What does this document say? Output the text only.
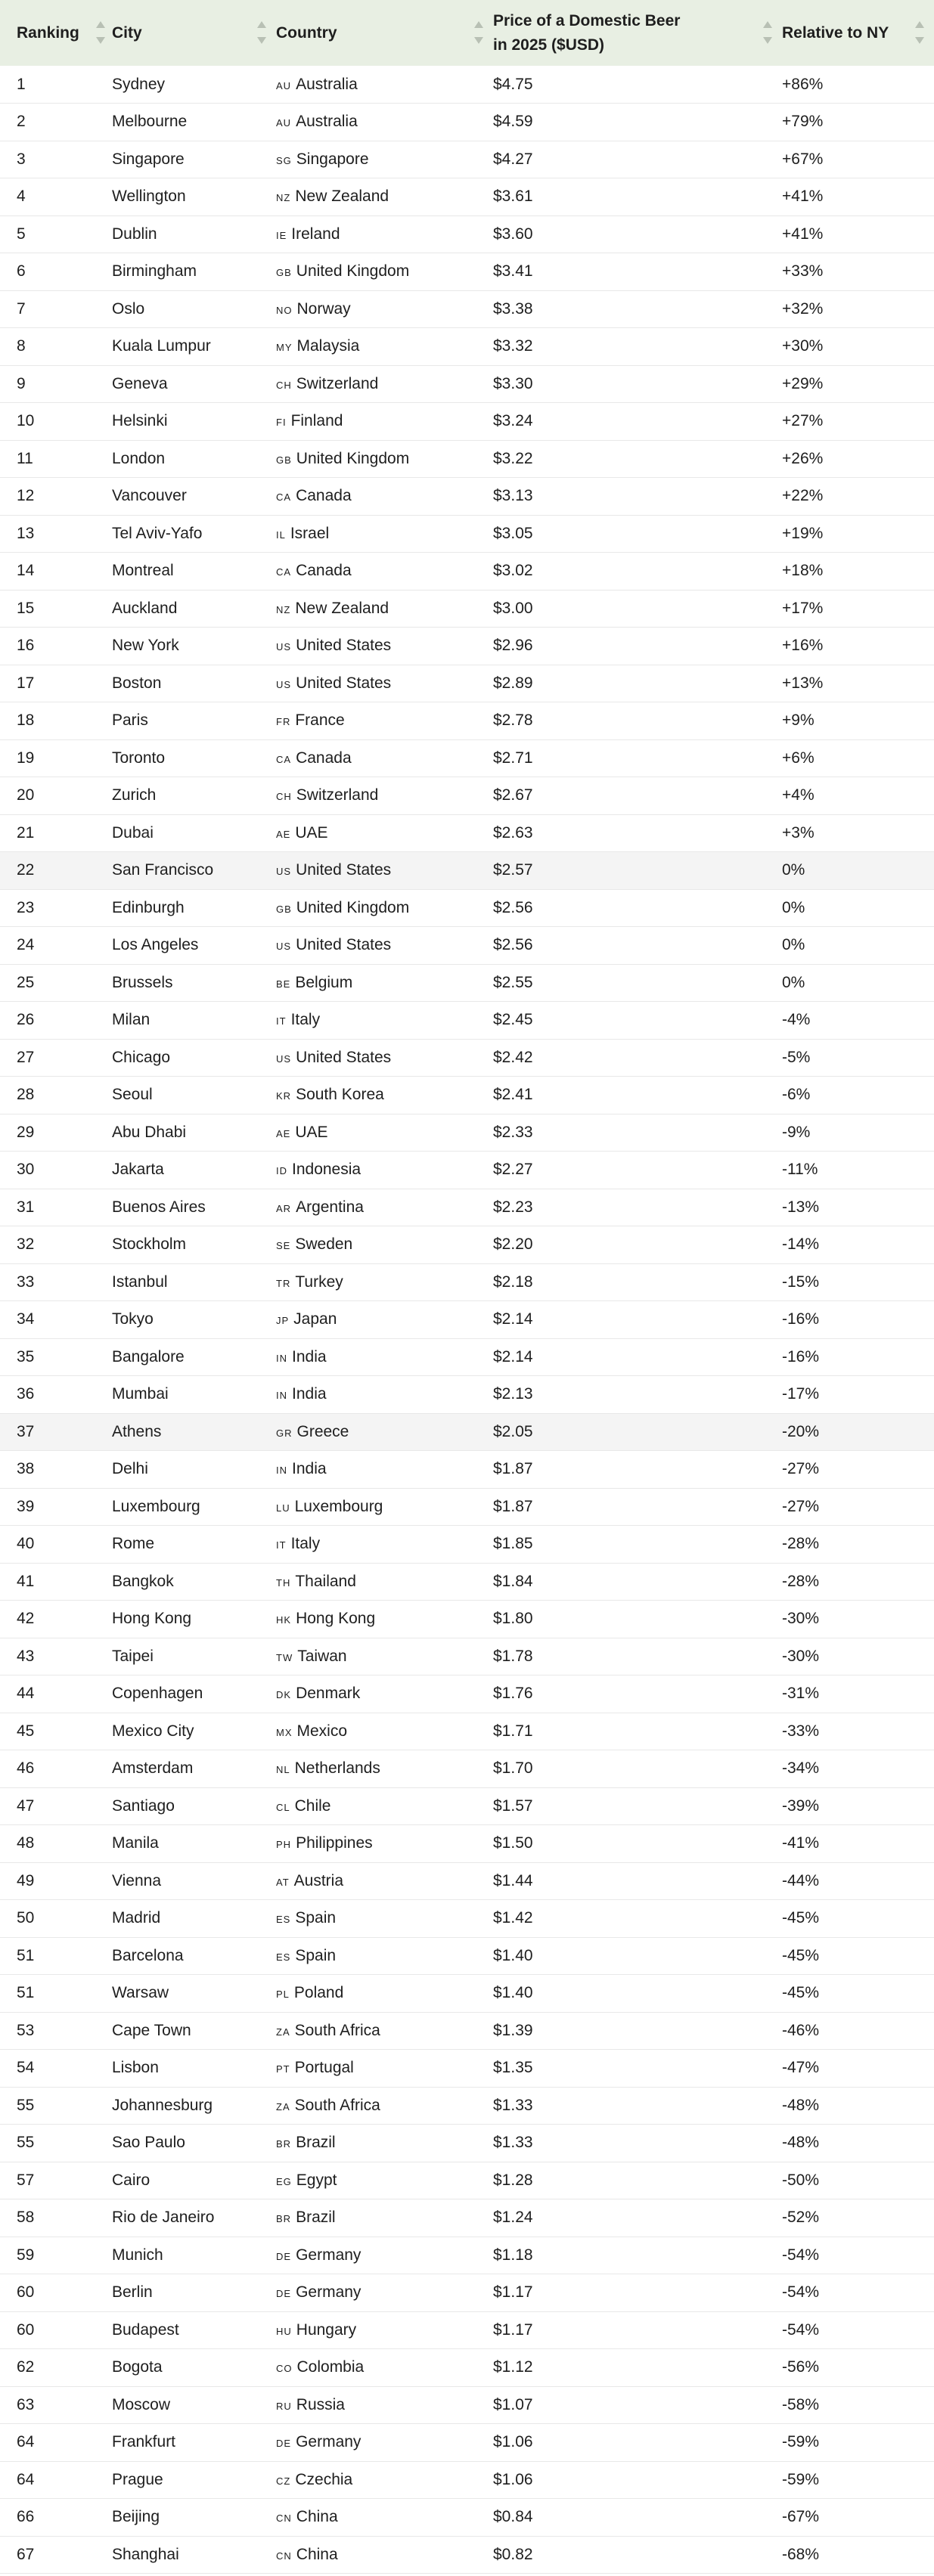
Ranking	City	Country	Price of a Domestic Beer
in 2025 ($USD)	Relative to NY

1	Sydney	AU Australia	$4.75	+86%
2	Melbourne	AU Australia	$4.59	+79%
3	Singapore	SG Singapore	$4.27	+67%
4	Wellington	NZ New Zealand	$3.61	+41%
5	Dublin	IE Ireland	$3.60	+41%
6	Birmingham	GB United Kingdom	$3.41	+33%
7	Oslo	NO Norway	$3.38	+32%
8	Kuala Lumpur	MY Malaysia	$3.32	+30%
9	Geneva	CH Switzerland	$3.30	+29%
10	Helsinki	FI Finland	$3.24	+27%
11	London	GB United Kingdom	$3.22	+26%
12	Vancouver	CA Canada	$3.13	+22%
13	Tel Aviv-Yafo	IL Israel	$3.05	+19%
14	Montreal	CA Canada	$3.02	+18%
15	Auckland	NZ New Zealand	$3.00	+17%
16	New York	US United States	$2.96	+16%
17	Boston	US United States	$2.89	+13%
18	Paris	FR France	$2.78	+9%
19	Toronto	CA Canada	$2.71	+6%
20	Zurich	CH Switzerland	$2.67	+4%
21	Dubai	AE UAE	$2.63	+3%
22	San Francisco	US United States	$2.57	0%
23	Edinburgh	GB United Kingdom	$2.56	0%
24	Los Angeles	US United States	$2.56	0%
25	Brussels	BE Belgium	$2.55	0%
26	Milan	IT Italy	$2.45	-4%
27	Chicago	US United States	$2.42	-5%
28	Seoul	KR South Korea	$2.41	-6%
29	Abu Dhabi	AE UAE	$2.33	-9%
30	Jakarta	ID Indonesia	$2.27	-11%
31	Buenos Aires	AR Argentina	$2.23	-13%
32	Stockholm	SE Sweden	$2.20	-14%
33	Istanbul	TR Turkey	$2.18	-15%
34	Tokyo	JP Japan	$2.14	-16%
35	Bangalore	IN India	$2.14	-16%
36	Mumbai	IN India	$2.13	-17%
37	Athens	GR Greece	$2.05	-20%
38	Delhi	IN India	$1.87	-27%
39	Luxembourg	LU Luxembourg	$1.87	-27%
40	Rome	IT Italy	$1.85	-28%
41	Bangkok	TH Thailand	$1.84	-28%
42	Hong Kong	HK Hong Kong	$1.80	-30%
43	Taipei	TW Taiwan	$1.78	-30%
44	Copenhagen	DK Denmark	$1.76	-31%
45	Mexico City	MX Mexico	$1.71	-33%
46	Amsterdam	NL Netherlands	$1.70	-34%
47	Santiago	CL Chile	$1.57	-39%
48	Manila	PH Philippines	$1.50	-41%
49	Vienna	AT Austria	$1.44	-44%
50	Madrid	ES Spain	$1.42	-45%
51	Barcelona	ES Spain	$1.40	-45%
51	Warsaw	PL Poland	$1.40	-45%
53	Cape Town	ZA South Africa	$1.39	-46%
54	Lisbon	PT Portugal	$1.35	-47%
55	Johannesburg	ZA South Africa	$1.33	-48%
55	Sao Paulo	BR Brazil	$1.33	-48%
57	Cairo	EG Egypt	$1.28	-50%
58	Rio de Janeiro	BR Brazil	$1.24	-52%
59	Munich	DE Germany	$1.18	-54%
60	Berlin	DE Germany	$1.17	-54%
60	Budapest	HU Hungary	$1.17	-54%
62	Bogota	CO Colombia	$1.12	-56%
63	Moscow	RU Russia	$1.07	-58%
64	Frankfurt	DE Germany	$1.06	-59%
64	Prague	CZ Czechia	$1.06	-59%
66	Beijing	CN China	$0.84	-67%
67	Shanghai	CN China	$0.82	-68%
